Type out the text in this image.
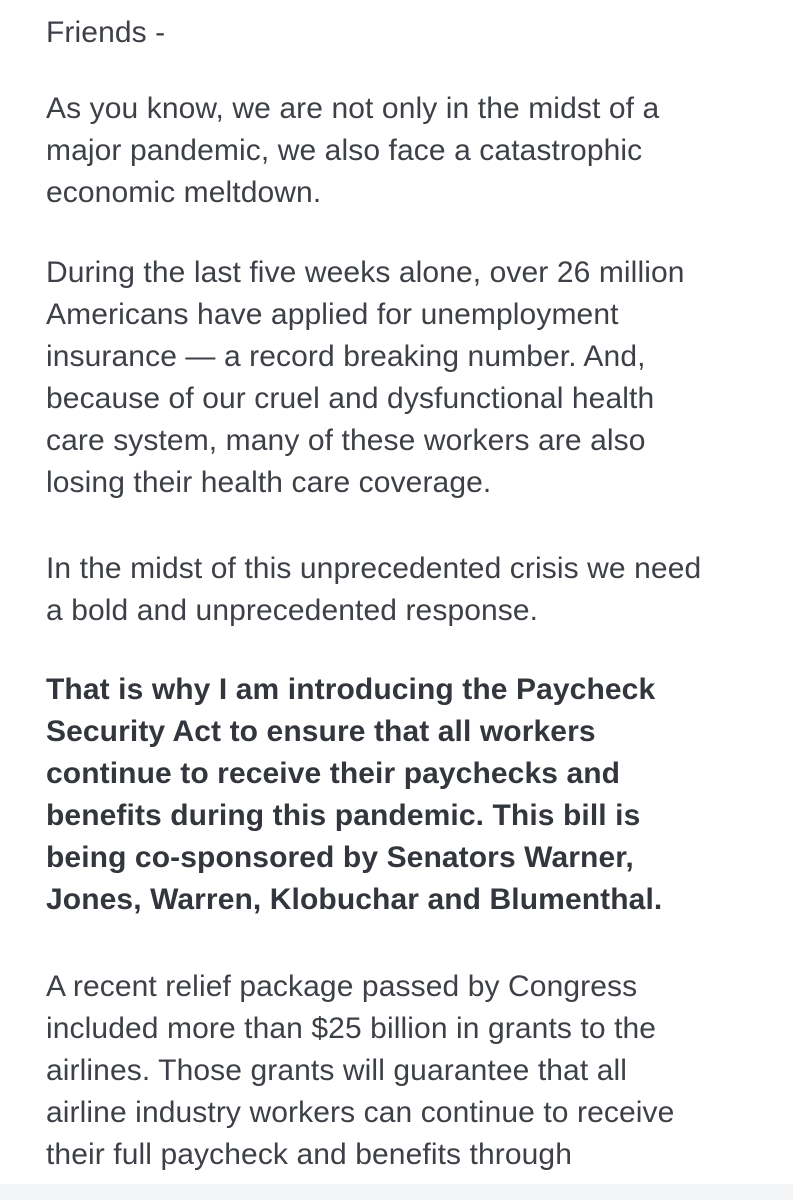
Friends -

As you know, we are not only in the midst of a
major pandemic, we also face a catastrophic
economic meltdown.

During the last five weeks alone, over 26 million
Americans have applied for unemployment
insurance — a record breaking number. And,
because of our cruel and dysfunctional health
care system, many of these workers are also
losing their health care coverage.

In the midst of this unprecedented crisis we need
a bold and unprecedented response.

That is why I am introducing the Paycheck
Security Act to ensure that all workers
continue to receive their paychecks and
benefits during this pandemic. This bill is
being co-sponsored by Senators Warner,
Jones, Warren, Klobuchar and Blumenthal.

A recent relief package passed by Congress
included more than $25 billion in grants to the
airlines. Those grants will guarantee that all
airline industry workers can continue to receive
their full paycheck and benefits through
